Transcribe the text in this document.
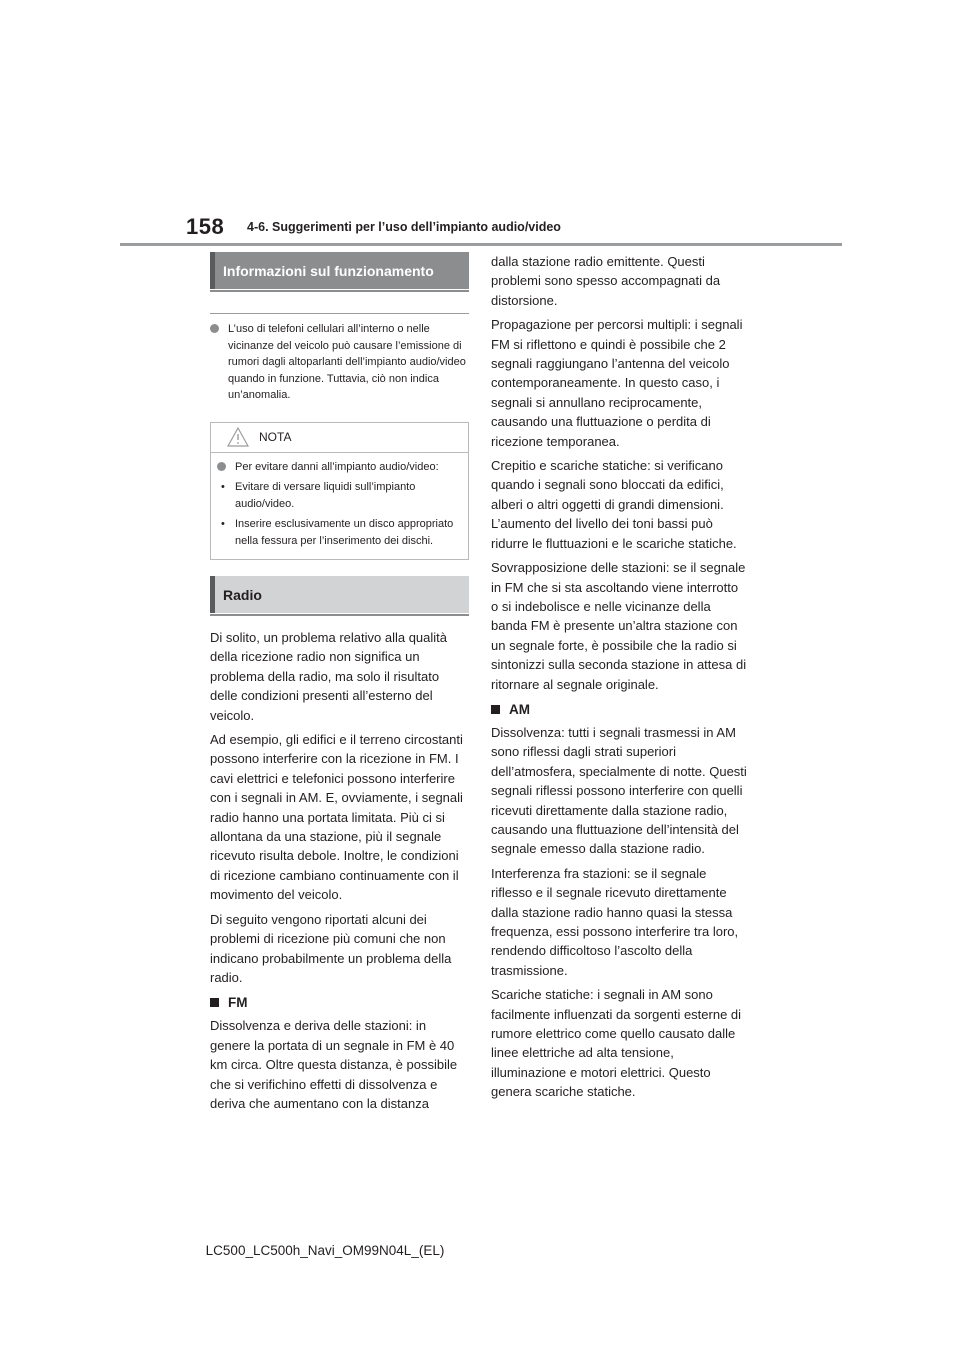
158 4-6. Suggerimenti per l’uso dell’impianto audio/video
Informazioni sul funzionamento
L’uso di telefoni cellulari all’interno o nelle vicinanze del veicolo può causare l’emissione di rumori dagli altoparlanti dell’impianto audio/video quando in funzione. Tuttavia, ciò non indica un’anomalia.
NOTA
Per evitare danni all’impianto audio/video:
• Evitare di versare liquidi sull’impianto audio/video.
• Inserire esclusivamente un disco appropriato nella fessura per l’inserimento dei dischi.
Radio

Di solito, un problema relativo alla qualità della ricezione radio non significa un problema della radio, ma solo il risultato delle condizioni presenti all’esterno del veicolo.

Ad esempio, gli edifici e il terreno circostanti possono interferire con la ricezione in FM. I cavi elettrici e telefonici possono interferire con i segnali in AM. E, ovviamente, i segnali radio hanno una portata limitata. Più ci si allontana da una stazione, più il segnale ricevuto risulta debole. Inoltre, le condizioni di ricezione cambiano continuamente con il movimento del veicolo.

Di seguito vengono riportati alcuni dei problemi di ricezione più comuni che non indicano probabilmente un problema della radio.

FM

Dissolvenza e deriva delle stazioni: in genere la portata di un segnale in FM è 40 km circa. Oltre questa distanza, è possibile che si verifichino effetti di dissolvenza e deriva che aumentano con la distanza

dalla stazione radio emittente. Questi problemi sono spesso accompagnati da distorsione.

Propagazione per percorsi multipli: i segnali FM si riflettono e quindi è possibile che 2 segnali raggiungano l’antenna del veicolo contemporaneamente. In questo caso, i segnali si annullano reciprocamente, causando una fluttuazione o perdita di ricezione temporanea.

Crepitio e scariche statiche: si verificano quando i segnali sono bloccati da edifici, alberi o altri oggetti di grandi dimensioni. L’aumento del livello dei toni bassi può ridurre le fluttuazioni e le scariche statiche.

Sovrapposizione delle stazioni: se il segnale in FM che si sta ascoltando viene interrotto o si indebolisce e nelle vicinanze della banda FM è presente un’altra stazione con un segnale forte, è possibile che la radio si sintonizzi sulla seconda stazione in attesa di ritornare al segnale originale.

AM

Dissolvenza: tutti i segnali trasmessi in AM sono riflessi dagli strati superiori dell’atmosfera, specialmente di notte. Questi segnali riflessi possono interferire con quelli ricevuti direttamente dalla stazione radio, causando una fluttuazione dell’intensità del segnale emesso dalla stazione radio.

Interferenza fra stazioni: se il segnale riflesso e il segnale ricevuto direttamente dalla stazione radio hanno quasi la stessa frequenza, essi possono interferire tra loro, rendendo difficoltoso l’ascolto della trasmissione.

Scariche statiche: i segnali in AM sono facilmente influenzati da sorgenti esterne di rumore elettrico come quello causato dalle linee elettriche ad alta tensione, illuminazione e motori elettrici. Questo genera scariche statiche.

LC500_LC500h_Navi_OM99N04L_(EL)
